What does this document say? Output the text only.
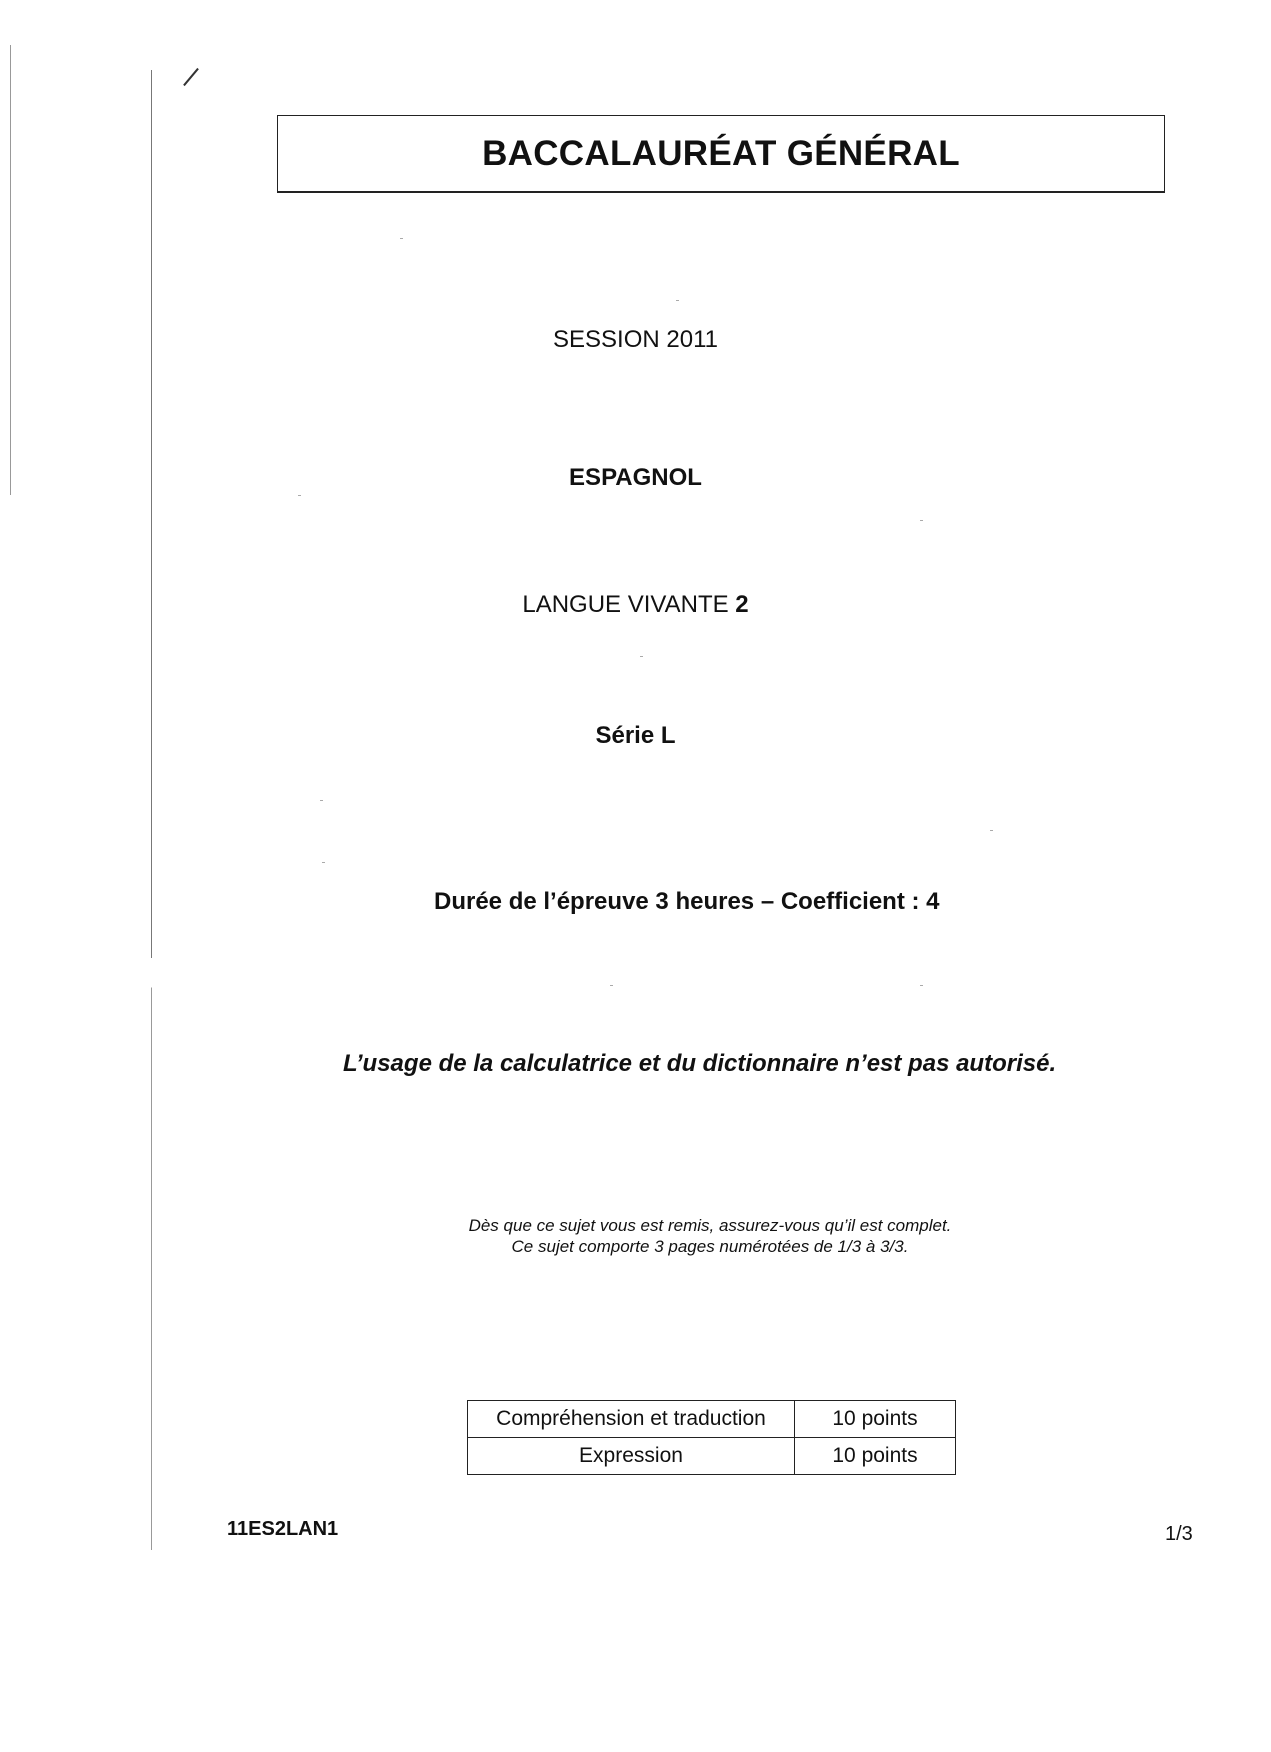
BACCALAURÉAT GÉNÉRAL
SESSION 2011
ESPAGNOL
LANGUE VIVANTE 2
Série L
Durée de l’épreuve 3 heures – Coefficient : 4
L’usage de la calculatrice et du dictionnaire n’est pas autorisé.
Dès que ce sujet vous est remis, assurez-vous qu’il est complet.
Ce sujet comporte 3 pages numérotées de 1/3 à 3/3.
Compréhension et traduction	10 points
Expression	10 points
11ES2LAN1	1/3
